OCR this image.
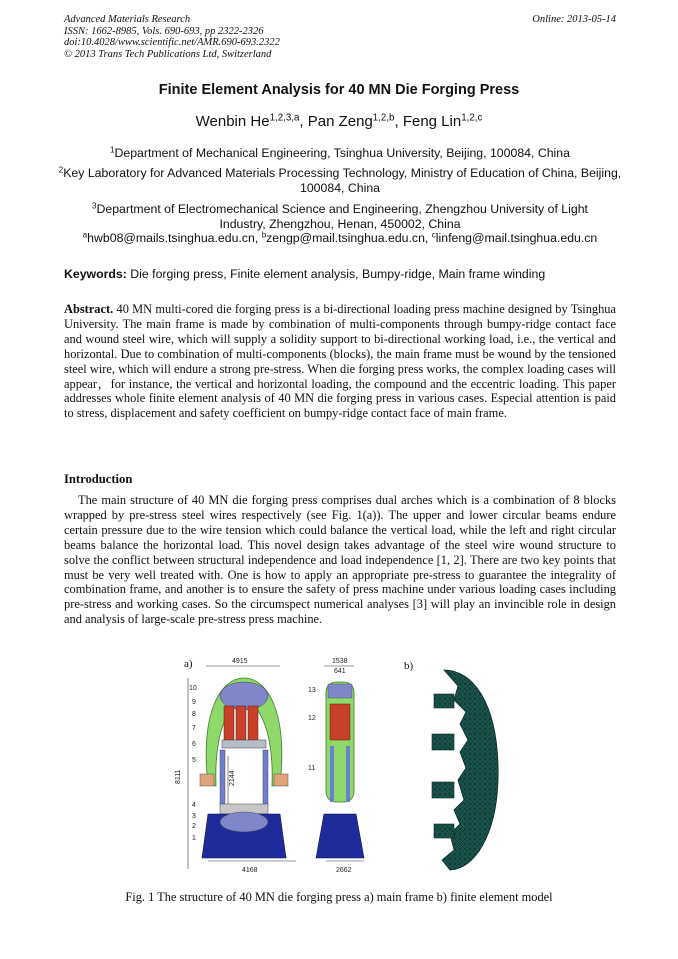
Advanced Materials Research
ISSN: 1662-8985, Vols. 690-693, pp 2322-2326
doi:10.4028/www.scientific.net/AMR.690-693.2322
© 2013 Trans Tech Publications Ltd, Switzerland
Online: 2013-05-14
Finite Element Analysis for 40 MN Die Forging Press
Wenbin He$^{1,2,3,a}$, Pan Zeng$^{1,2,b}$, Feng Lin$^{1,2,c}$
$^1$Department of Mechanical Engineering, Tsinghua University, Beijing, 100084, China
$^2$Key Laboratory for Advanced Materials Processing Technology, Ministry of Education of China, Beijing, 100084, China
$^3$Department of Electromechanical Science and Engineering, Zhengzhou University of Light Industry, Zhengzhou, Henan, 450002, China
$^a$hwb08@mails.tsinghua.edu.cn, $^b$zengp@mail.tsinghua.edu.cn, $^c$linfeng@mail.tsinghua.edu.cn
Keywords: Die forging press, Finite element analysis, Bumpy-ridge, Main frame winding
Abstract. 40 MN multi-cored die forging press is a bi-directional loading press machine designed by Tsinghua University. The main frame is made by combination of multi-components through bumpy-ridge contact face and wound steel wire, which will supply a solidity support to bi-directional working load, i.e., the vertical and horizontal. Due to combination of multi-components (blocks), the main frame must be wound by the tensioned steel wire, which will endure a strong pre-stress. When die forging press works, the complex loading cases will appear，for instance, the vertical and horizontal loading, the compound and the eccentric loading. This paper addresses whole finite element analysis of 40 MN die forging press in various cases. Especial attention is paid to stress, displacement and safety coefficient on bumpy-ridge contact face of main frame.
Introduction
The main structure of 40 MN die forging press comprises dual arches which is a combination of 8 blocks wrapped by pre-stress steel wires respectively (see Fig. 1(a)). The upper and lower circular beams endure certain pressure due to the wire tension which could balance the vertical load, while the left and right circular beams balance the horizontal load. This novel design takes advantage of the steel wire wound structure to solve the conflict between structural independence and load independence [1, 2]. There are two key points that must be very well treated with. One is how to apply an appropriate pre-stress to guarantee the integrality of combination frame, and another is to ensure the safety of press machine under various loading cases including pre-stress and working cases. So the circumspect numerical analyses [3] will play an invincible role in design and analysis of large-scale pre-stress press machine.
a)	b)
4915
8111	2144
4168
1538
641
2662
10
9
8
7
6
5
4
3
2
1
13
12
11
Fig. 1 The structure of 40 MN die forging press a) main frame b) finite element model
